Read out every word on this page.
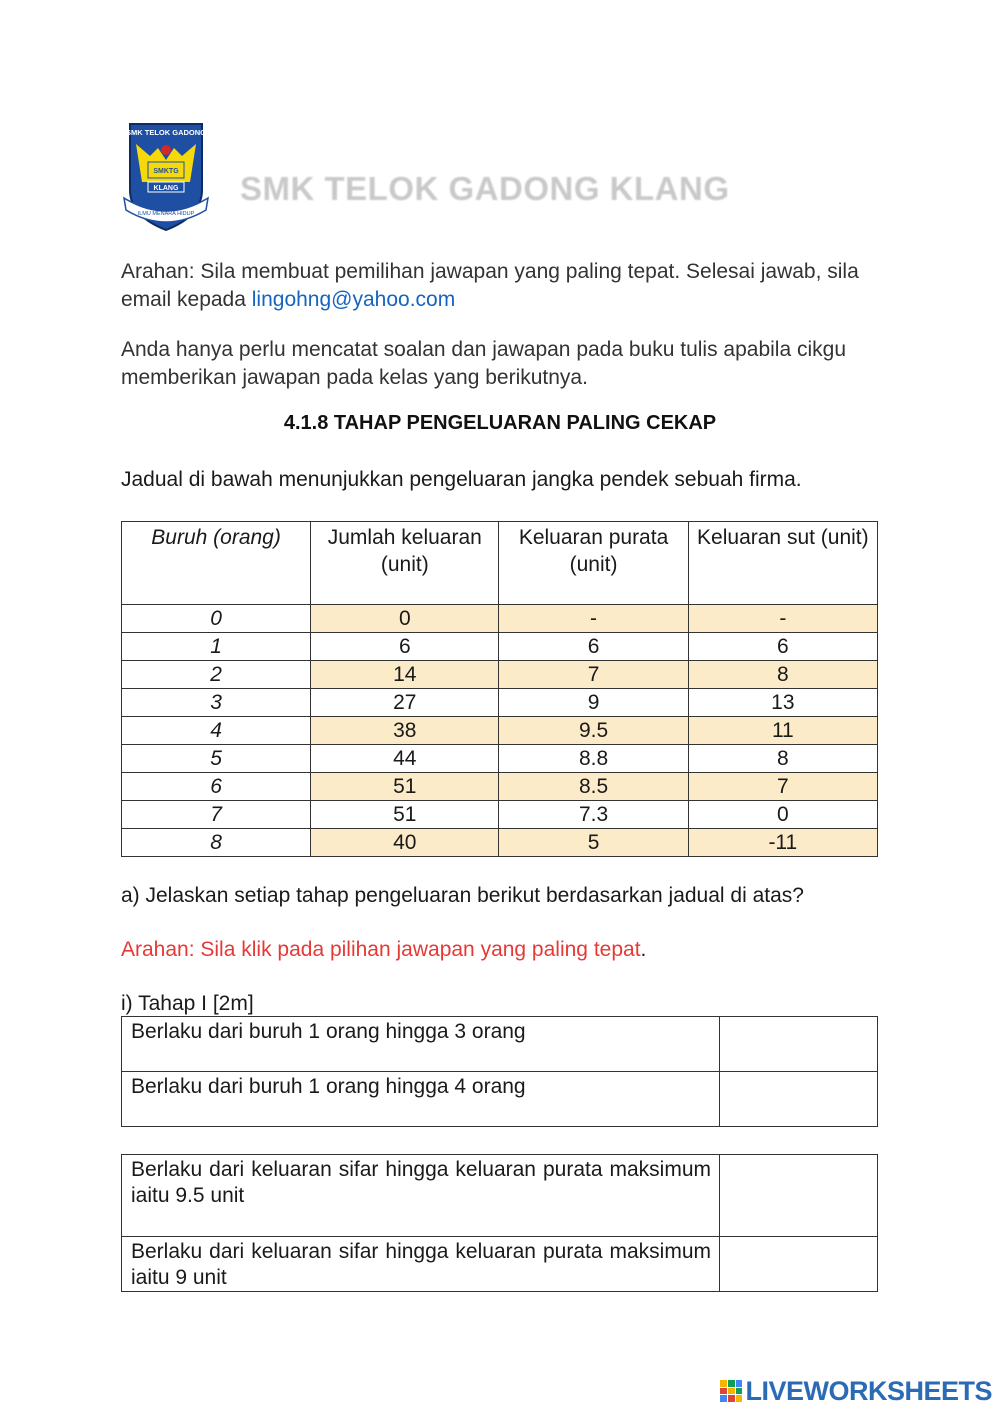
SMK TELOK GADONG
SMKTG
KLANG
ILMU MENARA HIDUP
SMK TELOK GADONG KLANG
Arahan: Sila membuat pemilihan jawapan yang paling tepat. Selesai jawab, sila email kepada lingohng@yahoo.com
Anda hanya perlu mencatat soalan dan jawapan pada buku tulis apabila cikgu memberikan jawapan pada kelas yang berikutnya.
4.1.8 TAHAP PENGELUARAN PALING CEKAP
Jadual di bawah menunjukkan pengeluaran jangka pendek sebuah firma.
Buruh (orang)	Jumlah keluaran (unit)	Keluaran purata (unit)	Keluaran sut (unit)
0	0	-	-
1	6	6	6
2	14	7	8
3	27	9	13
4	38	9.5	11
5	44	8.8	8
6	51	8.5	7
7	51	7.3	0
8	40	5	-11
a) Jelaskan setiap tahap pengeluaran berikut berdasarkan jadual di atas?
Arahan: Sila klik pada pilihan jawapan yang paling tepat.
i) Tahap I [2m]
Berlaku dari buruh 1 orang hingga 3 orang	
Berlaku dari buruh 1 orang hingga 4 orang	
Berlaku dari keluaran sifar hingga keluaran purata maksimum iaitu 9.5 unit	
Berlaku dari keluaran sifar hingga keluaran purata maksimum iaitu 9 unit	
LIVEWORKSHEETS
